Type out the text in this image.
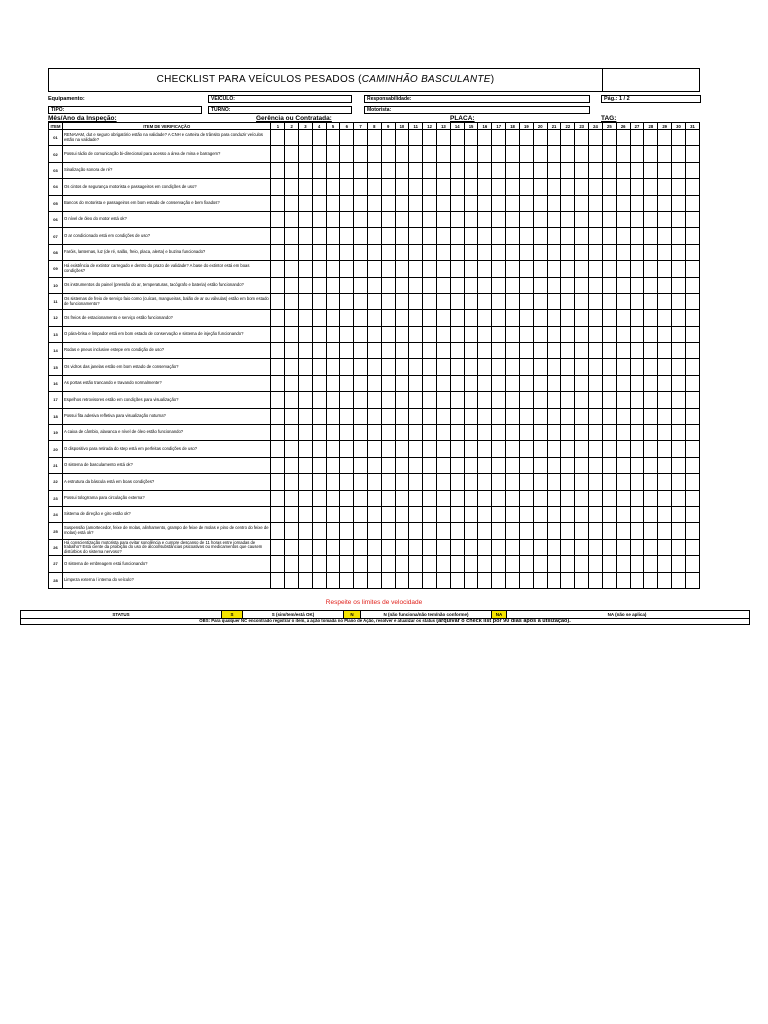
CHECKLIST PARA VEÍCULOS PESADOS (CAMINHÃO BASCULANTE)
Equipamento:	VEÍCULO:	Responsabilidade:	Pág.: 1 / 2
TIPO:	TURNO:	Motorista:
Mês/Ano da Inspeção:	Gerência ou Contratada:	PLACA:	TAG:
ITEM	ITEM DE VERIFICAÇÃO	1	2	3	4	5	6	7	8	9	10	11	12	13	14	15	16	17	18	19	20	21	22	23	24	25	26	27	28	29	30	31
01	RENAVAM, dut e seguro obrigatório estão na validade? A CNH e carteira de trânsito para conduzir veículos estão na validade?																															
02	Possui rádio de comunicação bi-direcional para acesso a área de mina e barragem?																															
03	Sinalização sonora de ré?																															
04	Os cintos de segurança motorista e passageiros em condições de uso?																															
05	Bancos do motorista e passageiros em bom estado de conservação e bem fixados?																															
06	O nível de óleo do motor está ok?																															
07	O ar condicionado está em condições de uso?																															
08	Faróis, lanternas, luz (de ré, salão, freio, placa, alerta) e buzina funcionado?																															
09	Há existência de extintor carregado e dentro do prazo de validade? A base do extintor está em boas condições?																															
10	Os instrumentos do painel (pressão do ar, temperaturas, tacógrafo e bateria) estão funcionando?																															
11	Os sistemas de freio de serviço faio como (cuícas, mangueiras, balão de ar ou válvulas) estão em bom estado de funcionamento?																															
12	Os freios de estacionamento e serviço estão funcionando?																															
13	O pára-brisa e limpador está em bom estado de conservação e sistema de injeção funcionando?																															
14	Rodas e pneus inclusive estepe em condição de uso?																															
15	Os vidros das janelas estão em bom estado de conservação?																															
16	As portas estão trancando e travando normalmente?																															
17	Espelhos retrovisores estão em condições para visualização?																															
18	Possui fita adesiva refletiva para visualização noturna?																															
19	A caixa de câmbio, alavanca e nível de óleo estão funcionando?																															
20	O dispositivo para retirada do step está em perfeitas condições de uso?																															
21	O sistema de basculamento está ok?																															
22	A estrutura da báscula está em boas condições?																															
23	Possui tologrrama para circulação externa?																															
24	Sistema de direção e giro estão ok?																															
25	Suspensão (amortecedor, feixe de molas, alinhamento, grampo de feixe de molas e pino de centro do feixe de molas) está ok?																															
26	Há conscientização motorista para evitar sonolência e cumpre descanso de 11 horas entre jornadas de trabalho? Está ciente da proibição do uso de álcool/substâncias psicoativas ou medicamentos que causem distúrbios do sistema nervoso?																															
27	O sistema de embreagem está funcionando?																															
28	Limpeza externa / interna do veículo?																															
Respeite os limites de velocidade
STATUS	S	S (sim/tem/está OK)	N	N (não funciona/não tem/não conforme)	NA	NA (não se aplica)
OBS: Para qualquer NC encontrado registrar o item, a ação tomada no Plano de Ação, resolver e atualizar os status (arquivar o check list por 90 dias após a utilização).
